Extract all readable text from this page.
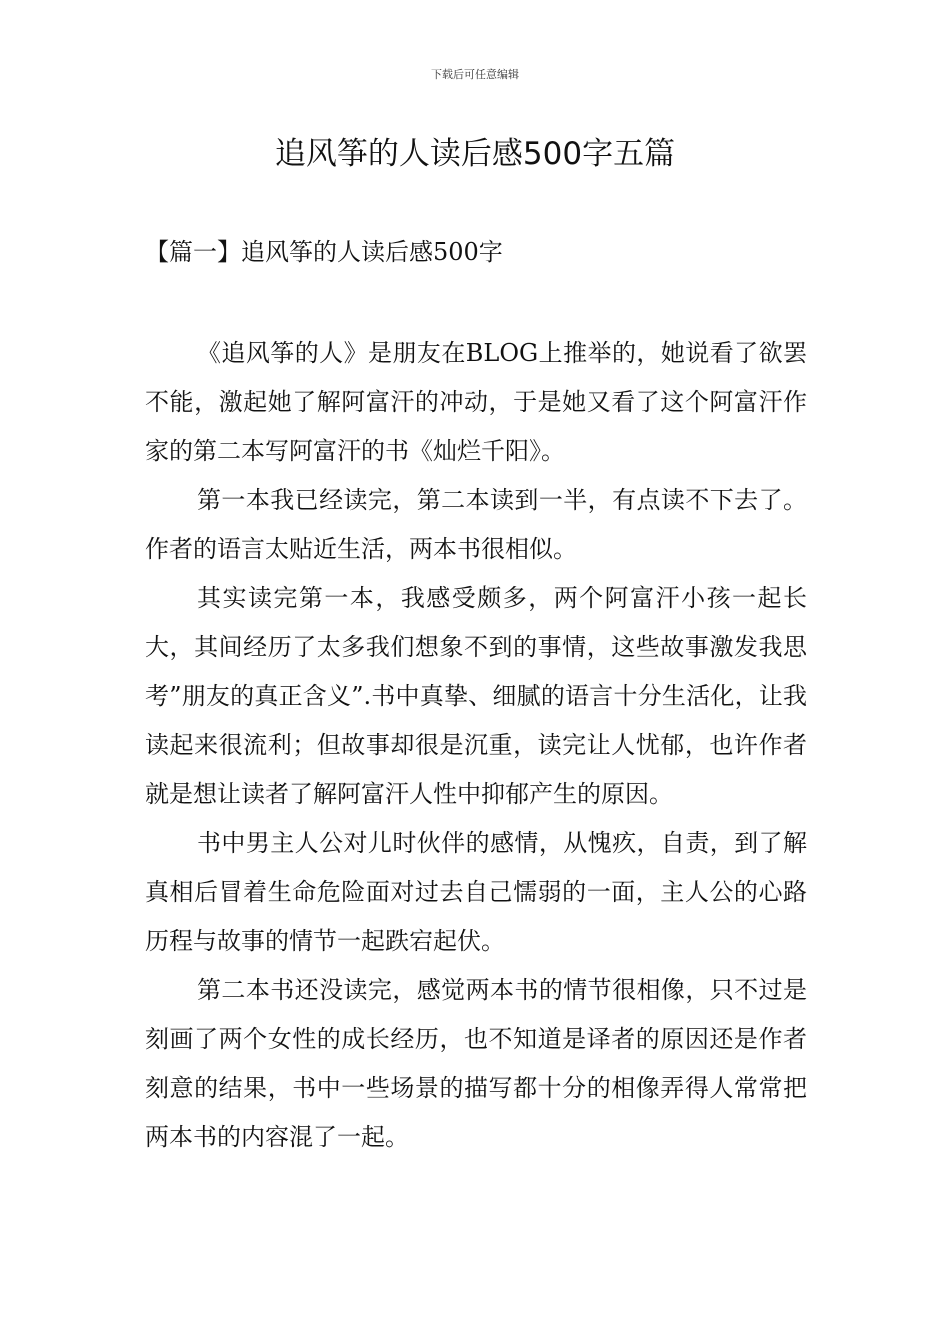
下载后可任意编辑
追风筝的人读后感500字五篇
【篇一】追风筝的人读后感500字

《追风筝的人》是朋友在BLOG上推举的，她说看了欲罢不能，激起她了解阿富汗的冲动，于是她又看了这个阿富汗作家的第二本写阿富汗的书《灿烂千阳》。

第一本我已经读完，第二本读到一半，有点读不下去了。作者的语言太贴近生活，两本书很相似。

其实读完第一本，我感受颇多，两个阿富汗小孩一起长大，其间经历了太多我们想象不到的事情，这些故事激发我思考”朋友的真正含义”.书中真挚、细腻的语言十分生活化，让我读起来很流利；但故事却很是沉重，读完让人忧郁，也许作者就是想让读者了解阿富汗人性中抑郁产生的原因。

书中男主人公对儿时伙伴的感情，从愧疚，自责，到了解真相后冒着生命危险面对过去自己懦弱的一面，主人公的心路历程与故事的情节一起跌宕起伏。

第二本书还没读完，感觉两本书的情节很相像，只不过是刻画了两个女性的成长经历，也不知道是译者的原因还是作者刻意的结果，书中一些场景的描写都十分的相像弄得人常常把两本书的内容混了一起。
